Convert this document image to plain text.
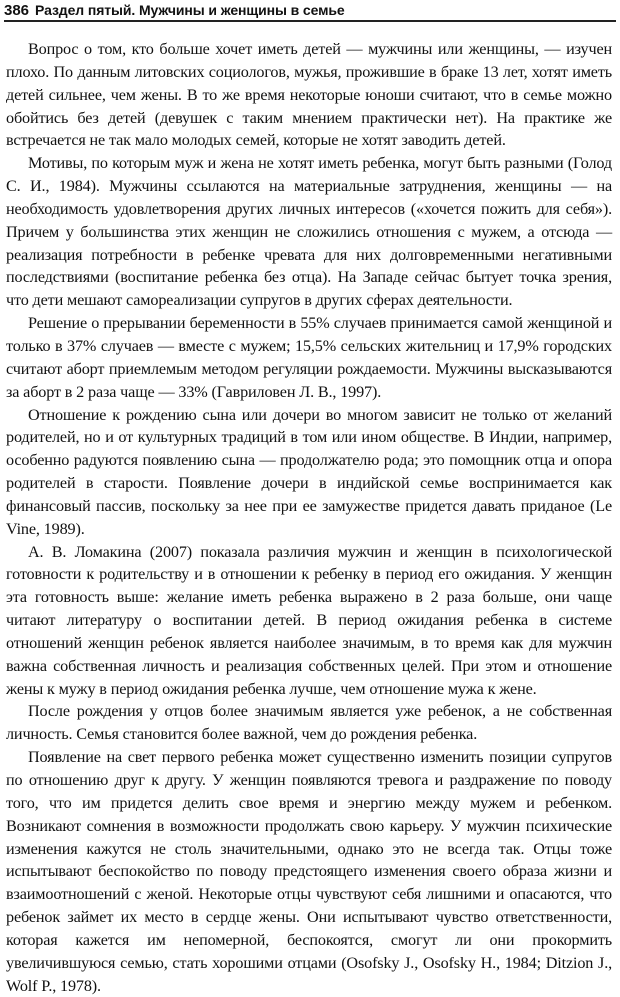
386 Раздел пятый. Мужчины и женщины в семье

Вопрос о том, кто больше хочет иметь детей — мужчины или женщины, — изучен плохо. По данным литовских социологов, мужья, прожившие в браке 13 лет, хотят иметь детей сильнее, чем жены. В то же время некоторые юноши считают, что в семье можно обойтись без детей (девушек с таким мнением практически нет). На практике же встречается не так мало молодых семей, которые не хотят заводить детей.

Мотивы, по которым муж и жена не хотят иметь ребенка, могут быть разными (Голод С. И., 1984). Мужчины ссылаются на материальные затруднения, женщины — на необходимость удовлетворения других личных интересов («хочется пожить для себя»). Причем у большинства этих женщин не сложились отношения с мужем, а отсюда — реализация потребности в ребенке чревата для них долговременными негативными последствиями (воспитание ребенка без отца). На Западе сейчас бытует точка зрения, что дети мешают самореализации супругов в других сферах деятельности.

Решение о прерывании беременности в 55% случаев принимается самой женщиной и только в 37% случаев — вместе с мужем; 15,5% сельских жительниц и 17,9% городских считают аборт приемлемым методом регуляции рождаемости. Мужчины высказываются за аборт в 2 раза чаще — 33% (Гавриловен Л. В., 1997).

Отношение к рождению сына или дочери во многом зависит не только от желаний родителей, но и от культурных традиций в том или ином обществе. В Индии, например, особенно радуются появлению сына — продолжателю рода; это помощник отца и опора родителей в старости. Появление дочери в индийской семье воспринимается как финансовый пассив, поскольку за нее при ее замужестве придется давать приданое (Le Vine, 1989).

А. В. Ломакина (2007) показала различия мужчин и женщин в психологической готовности к родительству и в отношении к ребенку в период его ожидания. У женщин эта готовность выше: желание иметь ребенка выражено в 2 раза больше, они чаще читают литературу о воспитании детей. В период ожидания ребенка в системе отношений женщин ребенок является наиболее значимым, в то время как для мужчин важна собственная личность и реализация собственных целей. При этом и отношение жены к мужу в период ожидания ребенка лучше, чем отношение мужа к жене.

После рождения у отцов более значимым является уже ребенок, а не собственная личность. Семья становится более важной, чем до рождения ребенка.

Появление на свет первого ребенка может существенно изменить позиции супругов по отношению друг к другу. У женщин появляются тревога и раздражение по поводу того, что им придется делить свое время и энергию между мужем и ребенком. Возникают сомнения в возможности продолжать свою карьеру. У мужчин психические изменения кажутся не столь значительными, однако это не всегда так. Отцы тоже испытывают беспокойство по поводу предстоящего изменения своего образа жизни и взаимоотношений с женой. Некоторые отцы чувствуют себя лишними и опасаются, что ребенок займет их место в сердце жены. Они испытывают чувство ответственности, которая кажется им непомерной, беспокоятся, смогут ли они прокормить увеличившуюся семью, стать хорошими отцами (Osofsky J., Osofsky H., 1984; Ditzion J., Wolf P., 1978).
